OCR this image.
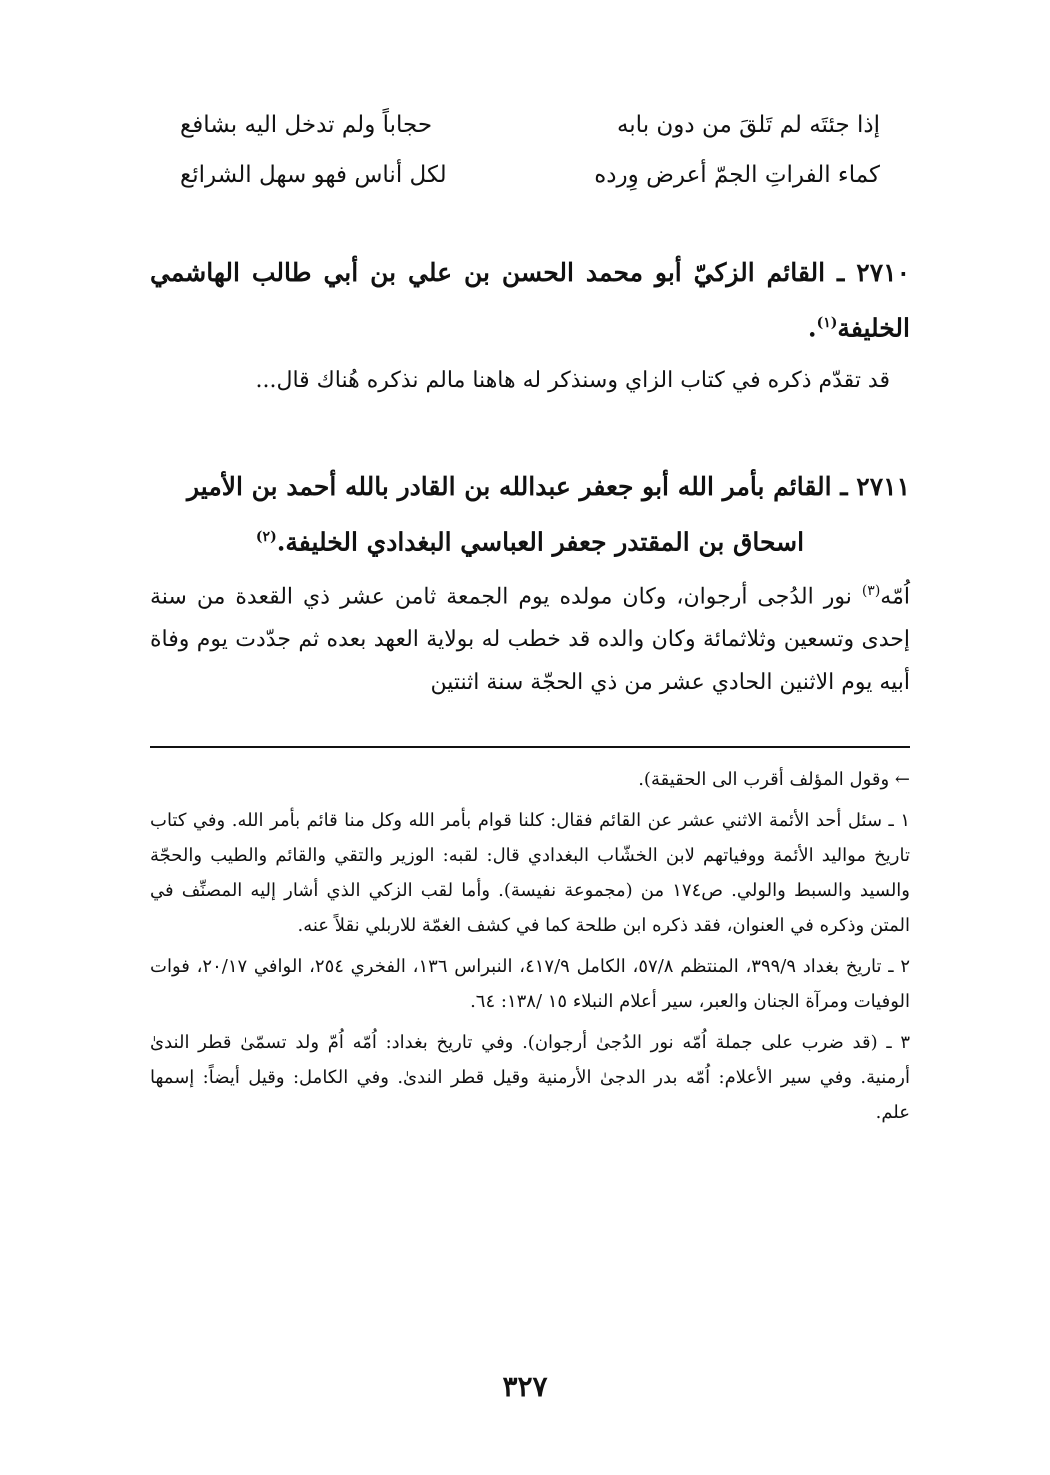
إذا جئتَه لم تَلقَ من دون بابه
حجاباً ولم تدخل اليه بشافع
كماء الفراتِ الجمّ أعرض وِرده
لكل أناس فهو سهل الشرائع
٢٧١٠ ـ القائم الزكيّ أبو محمد الحسن بن علي بن أبي طالب الهاشمي الخليفة$^{(١)}$.
قد تقدّم ذكره في كتاب الزاي وسنذكر له هاهنا مالم نذكره هُناك قال...
٢٧١١ ـ القائم بأمر الله أبو جعفر عبدالله بن القادر بالله أحمد بن الأمير
اسحاق بن المقتدر جعفر العباسي البغدادي الخليفة.$^{(٢)}$
اُمّه$^{(٣)}$ نور الدُجى أرجوان، وكان مولده يوم الجمعة ثامن عشر ذي القعدة من سنة إحدى وتسعين وثلاثمائة وكان والده قد خطب له بولاية العهد بعده ثم جدّدت يوم وفاة أبيه يوم الاثنين الحادي عشر من ذي الحجّة سنة اثنتين
← وقول المؤلف أقرب الى الحقيقة).
١ ـ سئل أحد الأئمة الاثني عشر عن القائم فقال: كلنا قوام بأمر الله وكل منا قائم بأمر الله. وفي كتاب تاريخ مواليد الأئمة ووفياتهم لابن الخشّاب البغدادي قال: لقبه: الوزير والتقي والقائم والطيب والحجّة والسيد والسبط والولي. ص١٧٤ من (مجموعة نفيسة). وأما لقب الزكي الذي أشار إليه المصنِّف في المتن وذكره في العنوان، فقد ذكره ابن طلحة كما في كشف الغمّة للاربلي نقلاً عنه.
٢ ـ تاريخ بغداد ٣٩٩/٩، المنتظم ٥٧/٨، الكامل ٤١٧/٩، النبراس ١٣٦، الفخري ٢٥٤، الوافي ٢٠/١٧، فوات الوفيات ومرآة الجنان والعبر، سير أعلام النبلاء ١٥ /١٣٨: ٦٤.
٣ ـ (قد ضرب على جملة اُمّه نور الدُجىٰ أرجوان). وفي تاريخ بغداد: اُمّه اُمّ ولد تسمّىٰ قطر الندىٰ أرمنية. وفي سير الأعلام: اُمّه بدر الدجىٰ الأرمنية وقيل قطر الندىٰ. وفي الكامل: وقيل أيضاً: إسمها علم.
٣٢٧
